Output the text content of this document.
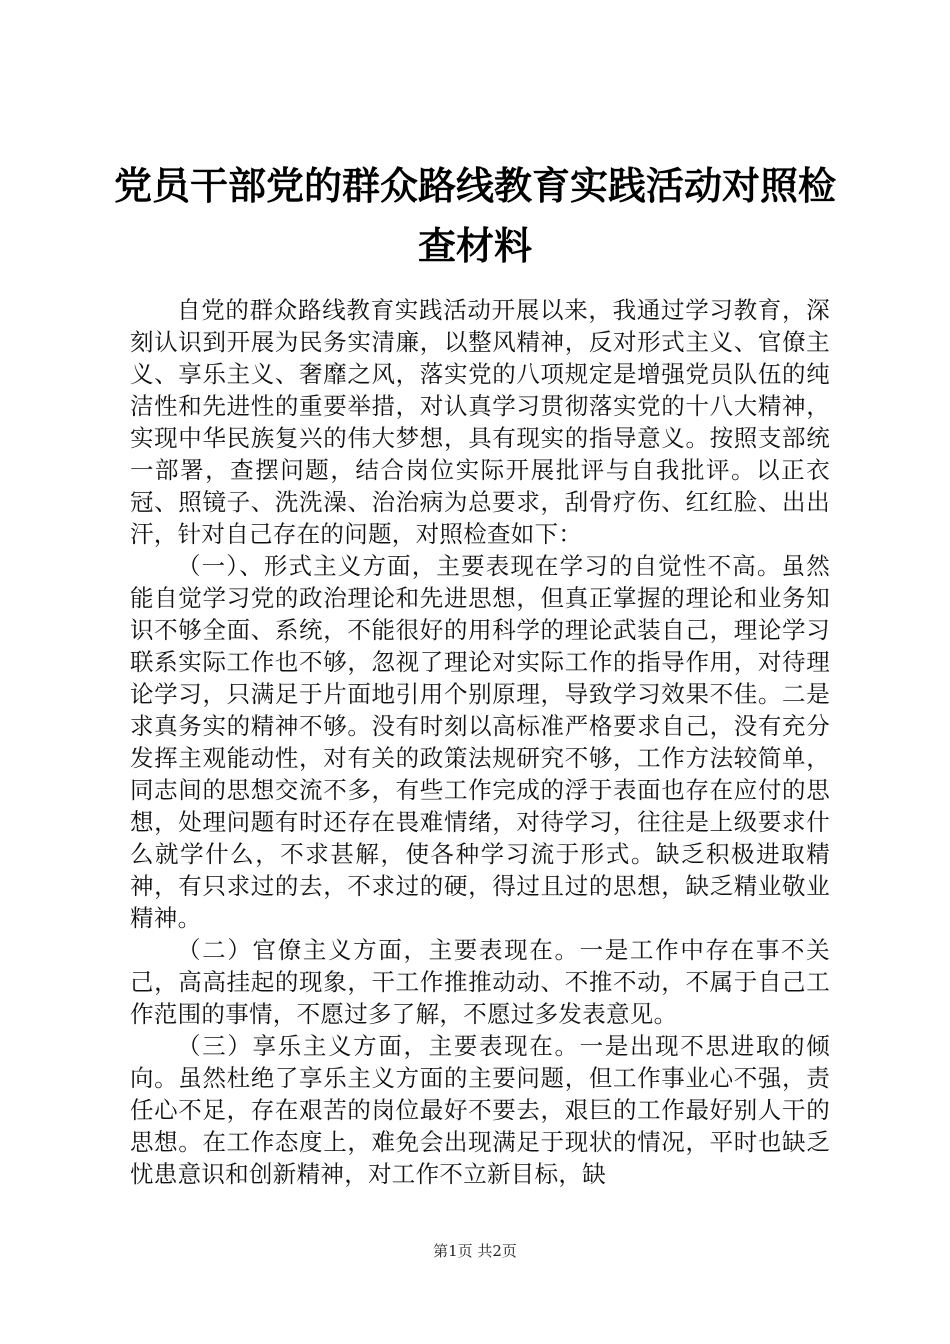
党员干部党的群众路线教育实践活动对照检查材料

自党的群众路线教育实践活动开展以来，我通过学习教育，深刻认识到开展为民务实清廉，以整风精神，反对形式主义、官僚主义、享乐主义、奢靡之风，落实党的八项规定是增强党员队伍的纯洁性和先进性的重要举措，对认真学习贯彻落实党的十八大精神，实现中华民族复兴的伟大梦想，具有现实的指导意义。按照支部统一部署，查摆问题，结合岗位实际开展批评与自我批评。以正衣冠、照镜子、洗洗澡、治治病为总要求，刮骨疗伤、红红脸、出出汗，针对自己存在的问题，对照检查如下：

（一）、形式主义方面，主要表现在学习的自觉性不高。虽然能自觉学习党的政治理论和先进思想，但真正掌握的理论和业务知识不够全面、系统，不能很好的用科学的理论武装自己，理论学习联系实际工作也不够，忽视了理论对实际工作的指导作用，对待理论学习，只满足于片面地引用个别原理，导致学习效果不佳。二是求真务实的精神不够。没有时刻以高标准严格要求自己，没有充分发挥主观能动性，对有关的政策法规研究不够，工作方法较简单，同志间的思想交流不多，有些工作完成的浮于表面也存在应付的思想，处理问题有时还存在畏难情绪，对待学习，往往是上级要求什么就学什么，不求甚解，使各种学习流于形式。缺乏积极进取精神，有只求过的去，不求过的硬，得过且过的思想，缺乏精业敬业精神。

（二）官僚主义方面，主要表现在。一是工作中存在事不关己，高高挂起的现象，干工作推推动动、不推不动，不属于自己工作范围的事情，不愿过多了解，不愿过多发表意见。

（三）享乐主义方面，主要表现在。一是出现不思进取的倾向。虽然杜绝了享乐主义方面的主要问题，但工作事业心不强，责任心不足，存在艰苦的岗位最好不要去，艰巨的工作最好别人干的思想。在工作态度上，难免会出现满足于现状的情况，平时也缺乏忧患意识和创新精神，对工作不立新目标，缺

第1页 共2页
